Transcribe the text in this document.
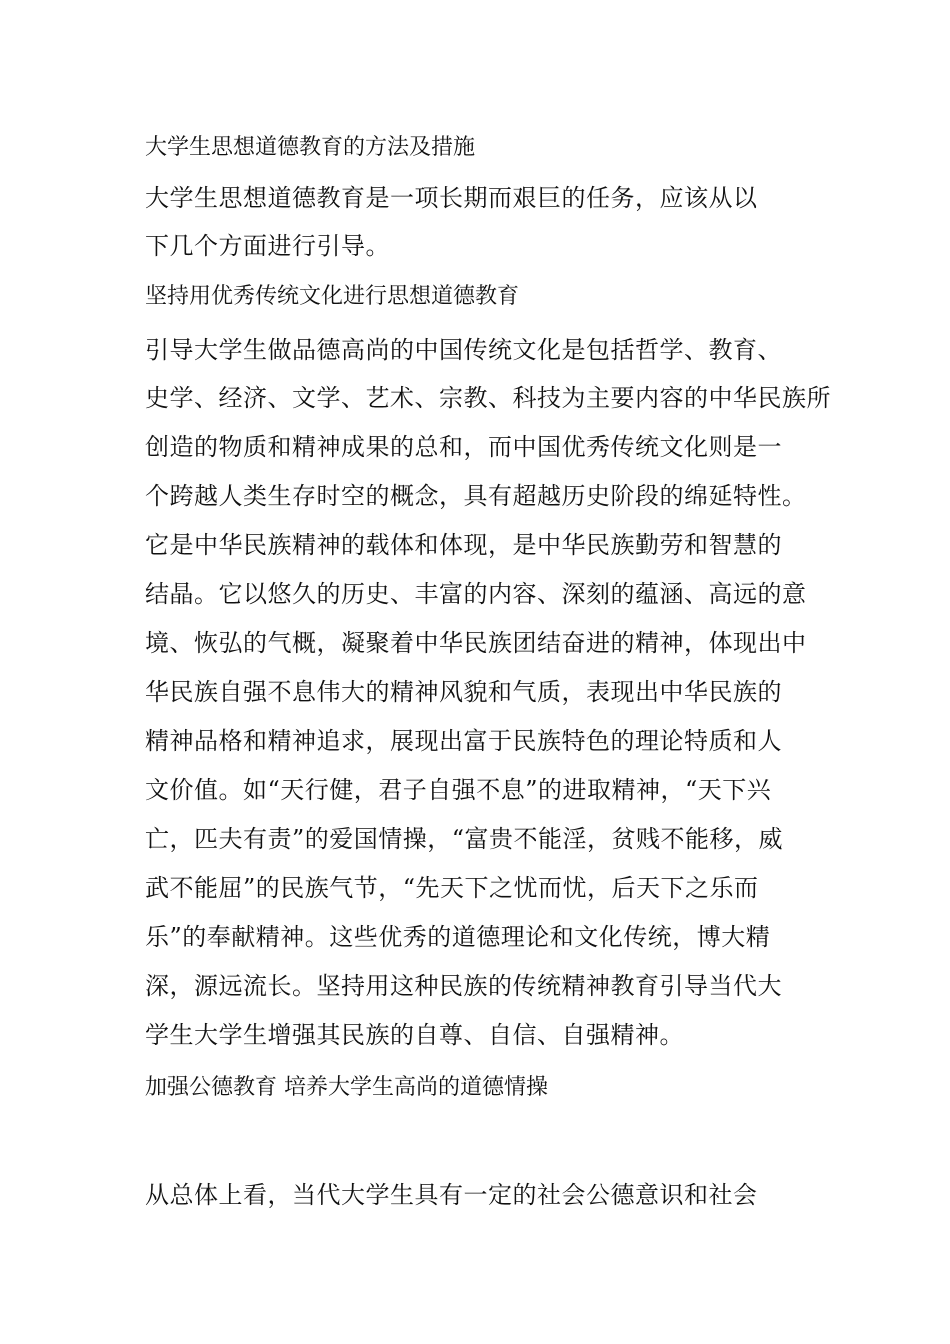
大学生思想道德教育的方法及措施
大学生思想道德教育是一项长期而艰巨的任务，应该从以
下几个方面进行引导。
坚持用优秀传统文化进行思想道德教育
引导大学生做品德高尚的中国传统文化是包括哲学、教育、
史学、经济、文学、艺术、宗教、科技为主要内容的中华民族所
创造的物质和精神成果的总和，而中国优秀传统文化则是一
个跨越人类生存时空的概念，具有超越历史阶段的绵延特性。
它是中华民族精神的载体和体现，是中华民族勤劳和智慧的
结晶。它以悠久的历史、丰富的内容、深刻的蕴涵、高远的意
境、恢弘的气概，凝聚着中华民族团结奋进的精神，体现出中
华民族自强不息伟大的精神风貌和气质，表现出中华民族的
精神品格和精神追求，展现出富于民族特色的理论特质和人
文价值。如“天行健，君子自强不息”的进取精神，“天下兴
亡，匹夫有责”的爱国情操，“富贵不能淫，贫贱不能移，威
武不能屈”的民族气节，“先天下之忧而忧，后天下之乐而
乐”的奉献精神。这些优秀的道德理论和文化传统，博大精
深，源远流长。坚持用这种民族的传统精神教育引导当代大
学生大学生增强其民族的自尊、自信、自强精神。
加强公德教育 培养大学生高尚的道德情操
从总体上看，当代大学生具有一定的社会公德意识和社会
